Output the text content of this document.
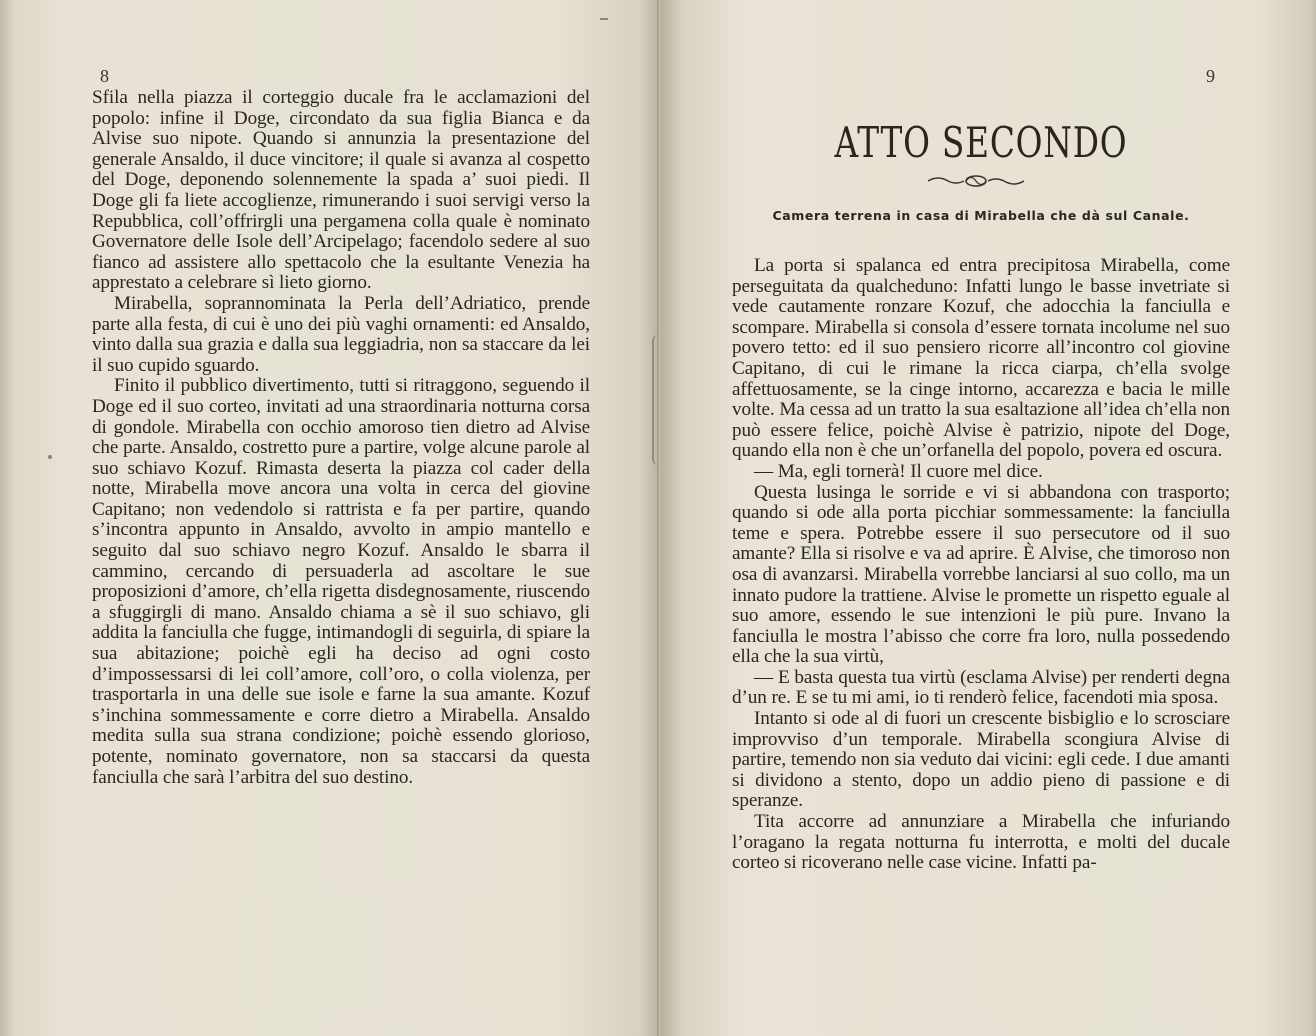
8

Sfila nella piazza il corteggio ducale fra le acclamazioni del popolo: infine il Doge, circondato da sua figlia Bianca e da Alvise suo nipote. Quando si annunzia la presentazione del generale Ansaldo, il duce vincitore; il quale si avanza al cospetto del Doge, deponendo solennemente la spada a’ suoi piedi. Il Doge gli fa liete accoglienze, rimunerando i suoi servigi verso la Repubblica, coll’offrirgli una pergamena colla quale è nominato Governatore delle Isole dell’Arcipelago; facendolo sedere al suo fianco ad assistere allo spettacolo che la esultante Venezia ha apprestato a celebrare sì lieto giorno.

Mirabella, soprannominata la Perla dell’Adriatico, prende parte alla festa, di cui è uno dei più vaghi ornamenti: ed Ansaldo, vinto dalla sua grazia e dalla sua leggiadria, non sa staccare da lei il suo cupido sguardo.

Finito il pubblico divertimento, tutti si ritraggono, seguendo il Doge ed il suo corteo, invitati ad una straordinaria notturna corsa di gondole. Mirabella con occhio amoroso tien dietro ad Alvise che parte. Ansaldo, costretto pure a partire, volge alcune parole al suo schiavo Kozuf. Rimasta deserta la piazza col cader della notte, Mirabella move ancora una volta in cerca del giovine Capitano; non vedendolo si rattrista e fa per partire, quando s’incontra appunto in Ansaldo, avvolto in ampio mantello e seguito dal suo schiavo negro Kozuf. Ansaldo le sbarra il cammino, cercando di persuaderla ad ascoltare le sue proposizioni d’amore, ch’ella rigetta disdegnosamente, riuscendo a sfuggirgli di mano. Ansaldo chiama a sè il suo schiavo, gli addita la fanciulla che fugge, intimandogli di seguirla, di spiare la sua abitazione; poichè egli ha deciso ad ogni costo d’impossessarsi di lei coll’amore, coll’oro, o colla violenza, per trasportarla in una delle sue isole e farne la sua amante. Kozuf s’inchina sommessamente e corre dietro a Mirabella. Ansaldo medita sulla sua strana condizione; poichè essendo glorioso, potente, nominato governatore, non sa staccarsi da questa fanciulla che sarà l’arbitra del suo destino.

9
ATTO SECONDO
Camera terrena in casa di Mirabella che dà sul Canale.

La porta si spalanca ed entra precipitosa Mirabella, come perseguitata da qualcheduno: Infatti lungo le basse invetriate si vede cautamente ronzare Kozuf, che adocchia la fanciulla e scompare. Mirabella si consola d’essere tornata incolume nel suo povero tetto: ed il suo pensiero ricorre all’incontro col giovine Capitano, di cui le rimane la ricca ciarpa, ch’ella svolge affettuosamente, se la cinge intorno, accarezza e bacia le mille volte. Ma cessa ad un tratto la sua esaltazione all’idea ch’ella non può essere felice, poichè Alvise è patrizio, nipote del Doge, quando ella non è che un’orfanella del popolo, povera ed oscura.

— Ma, egli tornerà! Il cuore mel dice.

Questa lusinga le sorride e vi si abbandona con trasporto; quando si ode alla porta picchiar sommessamente: la fanciulla teme e spera. Potrebbe essere il suo persecutore od il suo amante? Ella si risolve e va ad aprire. È Alvise, che timoroso non osa di avanzarsi. Mirabella vorrebbe lanciarsi al suo collo, ma un innato pudore la trattiene. Alvise le promette un rispetto eguale al suo amore, essendo le sue intenzioni le più pure. Invano la fanciulla le mostra l’abisso che corre fra loro, nulla possedendo ella che la sua virtù,

— E basta questa tua virtù (esclama Alvise) per renderti degna d’un re. E se tu mi ami, io ti renderò felice, facendoti mia sposa.

Intanto si ode al di fuori un crescente bisbiglio e lo scrosciare improvviso d’un temporale. Mirabella scongiura Alvise di partire, temendo non sia veduto dai vicini: egli cede. I due amanti si dividono a stento, dopo un addio pieno di passione e di speranze.

Tita accorre ad annunziare a Mirabella che infuriando l’oragano la regata notturna fu interrotta, e molti del ducale corteo si ricoverano nelle case vicine. Infatti pa-
